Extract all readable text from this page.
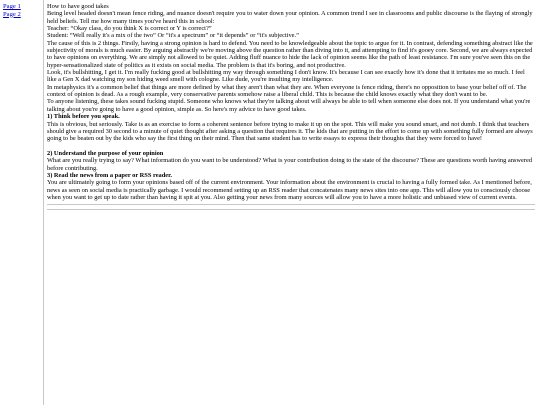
Page 1
Page 2

How to have good takes

Being level headed doesn't mean fence riding, and nuance doesn't require you to water down your opinion. A common trend I see in classrooms and public discourse is the flaying of strongly held beliefs. Tell me how many times you've heard this in school:

Teacher: “Okay class, do you think X is correct or Y is correct?”

Student: “Well really it's a mix of the two” Or “it's a spectrum” or “it depends” or “it's subjective.”

The cause of this is 2 things. Firstly, having a strong opinion is hard to defend. You need to be knowledgeable about the topic to argue for it. In contrast, defending something abstract like the subjectivity of morals is much easier. By arguing abstractly we're moving above the question rather than diving into it, and attempting to find it's gooey core. Second, we are always expected to have opinions on everything. We are simply not allowed to be quiet. Adding fluff nuance to hide the lack of opinion seems like the path of least resistance. I'm sure you've seen this on the hyper-sensationalized state of politics as it exists on social media. The problem is that it's boring, and not productive.

Look, it's bullshitting, I get it. I'm really fucking good at bullshitting my way through something I don't know. It's because I can see exactly how it's done that it irritates me so much. I feel like a Gen X dad watching my son hiding weed smell with cologne. Like dude, you're insulting my intelligence.

In metaphysics it's a common belief that things are more defined by what they aren't than what they are. When everyone is fence riding, there's no opposition to base your belief off of. The context of opinion is dead. As a rough example, very conservative parents somehow raise a liberal child. This is because the child knows exactly what they don't want to be.

To anyone listening, these takes sound fucking stupid. Someone who knows what they're talking about will always be able to tell when someone else does not. If you understand what you're talking about you're going to have a good opinion, simple as. So here's my advice to have good takes.

1) Think before you speak.

This is obvious, but seriously. Take is as an exercise to form a coherent sentence before trying to make it up on the spot. This will make you sound smart, and not dumb. I think that teachers should give a required 30 second to a minute of quiet thought after asking a question that requires it. The kids that are putting in the effort to come up with something fully formed are always going to be beaten out by the kids who say the first thing on their mind. Then that same student has to write essays to express their thoughts that they were forced to have!

2) Understand the purpose of your opinion

What are you really trying to say? What information do you want to be understood? What is your contribution doing to the state of the discourse? These are questions worth having answered before contributing.

3) Read the news from a paper or RSS reader.

You are ultimately going to form your opinions based off of the current environment. Your information about the environment is crucial to having a fully formed take. As I mentioned before, news as seen on social media is practically garbage. I would recommend setting up an RSS reader that concatenates many news sites into one app. This will allow you to consciously choose when you want to get up to date rather than having it spit at you. Also getting your news from many sources will allow you to have a more holistic and unbiased view of current events.
